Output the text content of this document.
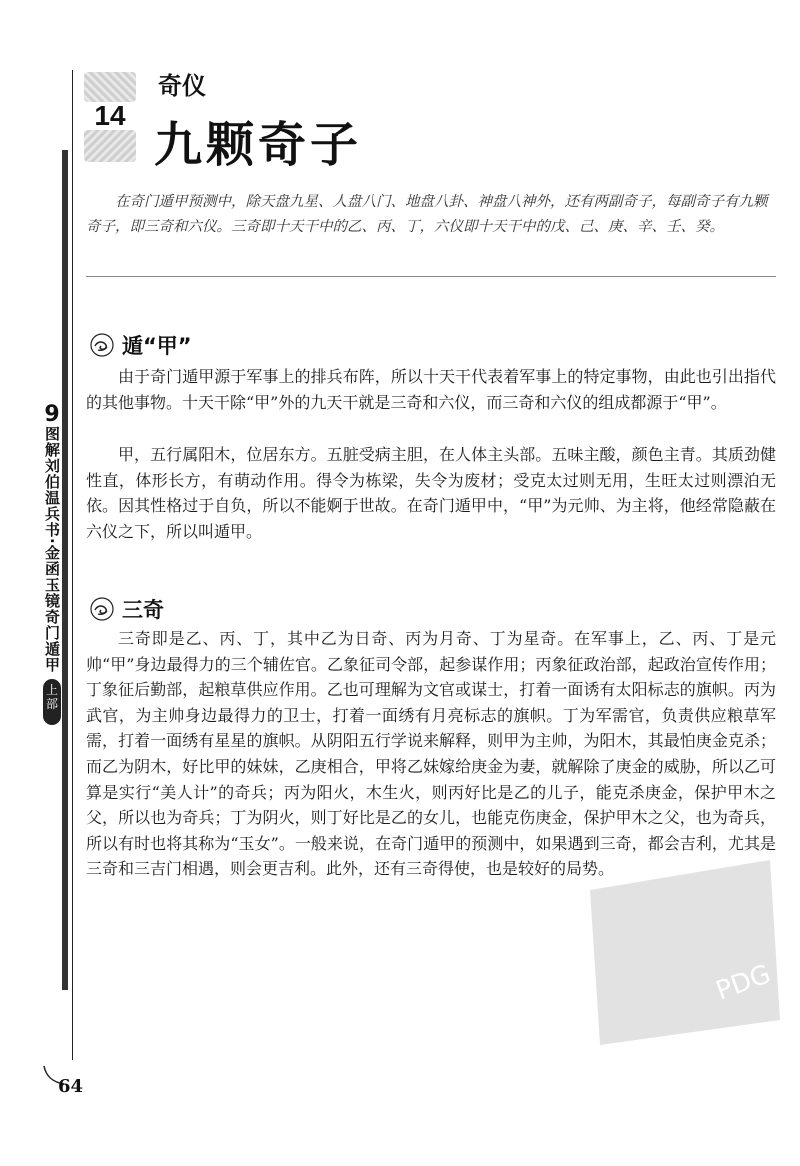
14
奇仪
九颗奇子
在奇门遁甲预测中，除天盘九星、人盘八门、地盘八卦、神盘八神外，还有两副奇子，每副奇子有九颗奇子，即三奇和六仪。三奇即十天干中的乙、丙、丁，六仪即十天干中的戊、己、庚、辛、壬、癸。
遁“甲”
由于奇门遁甲源于军事上的排兵布阵，所以十天干代表着军事上的特定事物，由此也引出指代的其他事物。十天干除“甲”外的九天干就是三奇和六仪，而三奇和六仪的组成都源于“甲”。
甲，五行属阳木，位居东方。五脏受病主胆，在人体主头部。五味主酸，颜色主青。其质劲健性直，体形长方，有萌动作用。得令为栋梁，失令为废材；受克太过则无用，生旺太过则漂泊无依。因其性格过于自负，所以不能婀于世故。在奇门遁甲中，“甲”为元帅、为主将，他经常隐蔽在六仪之下，所以叫遁甲。
三奇
三奇即是乙、丙、丁，其中乙为日奇、丙为月奇、丁为星奇。在军事上，乙、丙、丁是元帅“甲”身边最得力的三个辅佐官。乙象征司令部，起参谋作用；丙象征政治部，起政治宣传作用；丁象征后勤部，起粮草供应作用。乙也可理解为文官或谋士，打着一面诱有太阳标志的旗帜。丙为武官，为主帅身边最得力的卫士，打着一面绣有月亮标志的旗帜。丁为军需官，负责供应粮草军需，打着一面绣有星星的旗帜。从阴阳五行学说来解释，则甲为主帅，为阳木，其最怕庚金克杀；而乙为阴木，好比甲的妹妹，乙庚相合，甲将乙妹嫁给庚金为妻，就解除了庚金的威胁，所以乙可算是实行“美人计”的奇兵；丙为阳火，木生火，则丙好比是乙的儿子，能克杀庚金，保护甲木之父，所以也为奇兵；丁为阴火，则丁好比是乙的女儿，也能克伤庚金，保护甲木之父，也为奇兵，所以有时也将其称为“玉女”。一般来说，在奇门遁甲的预测中，如果遇到三奇，都会吉利，尤其是三奇和三吉门相遇，则会更吉利。此外，还有三奇得使，也是较好的局势。
9
图解刘伯温兵书·金函玉镜奇门遁甲
上部
64
PDG
